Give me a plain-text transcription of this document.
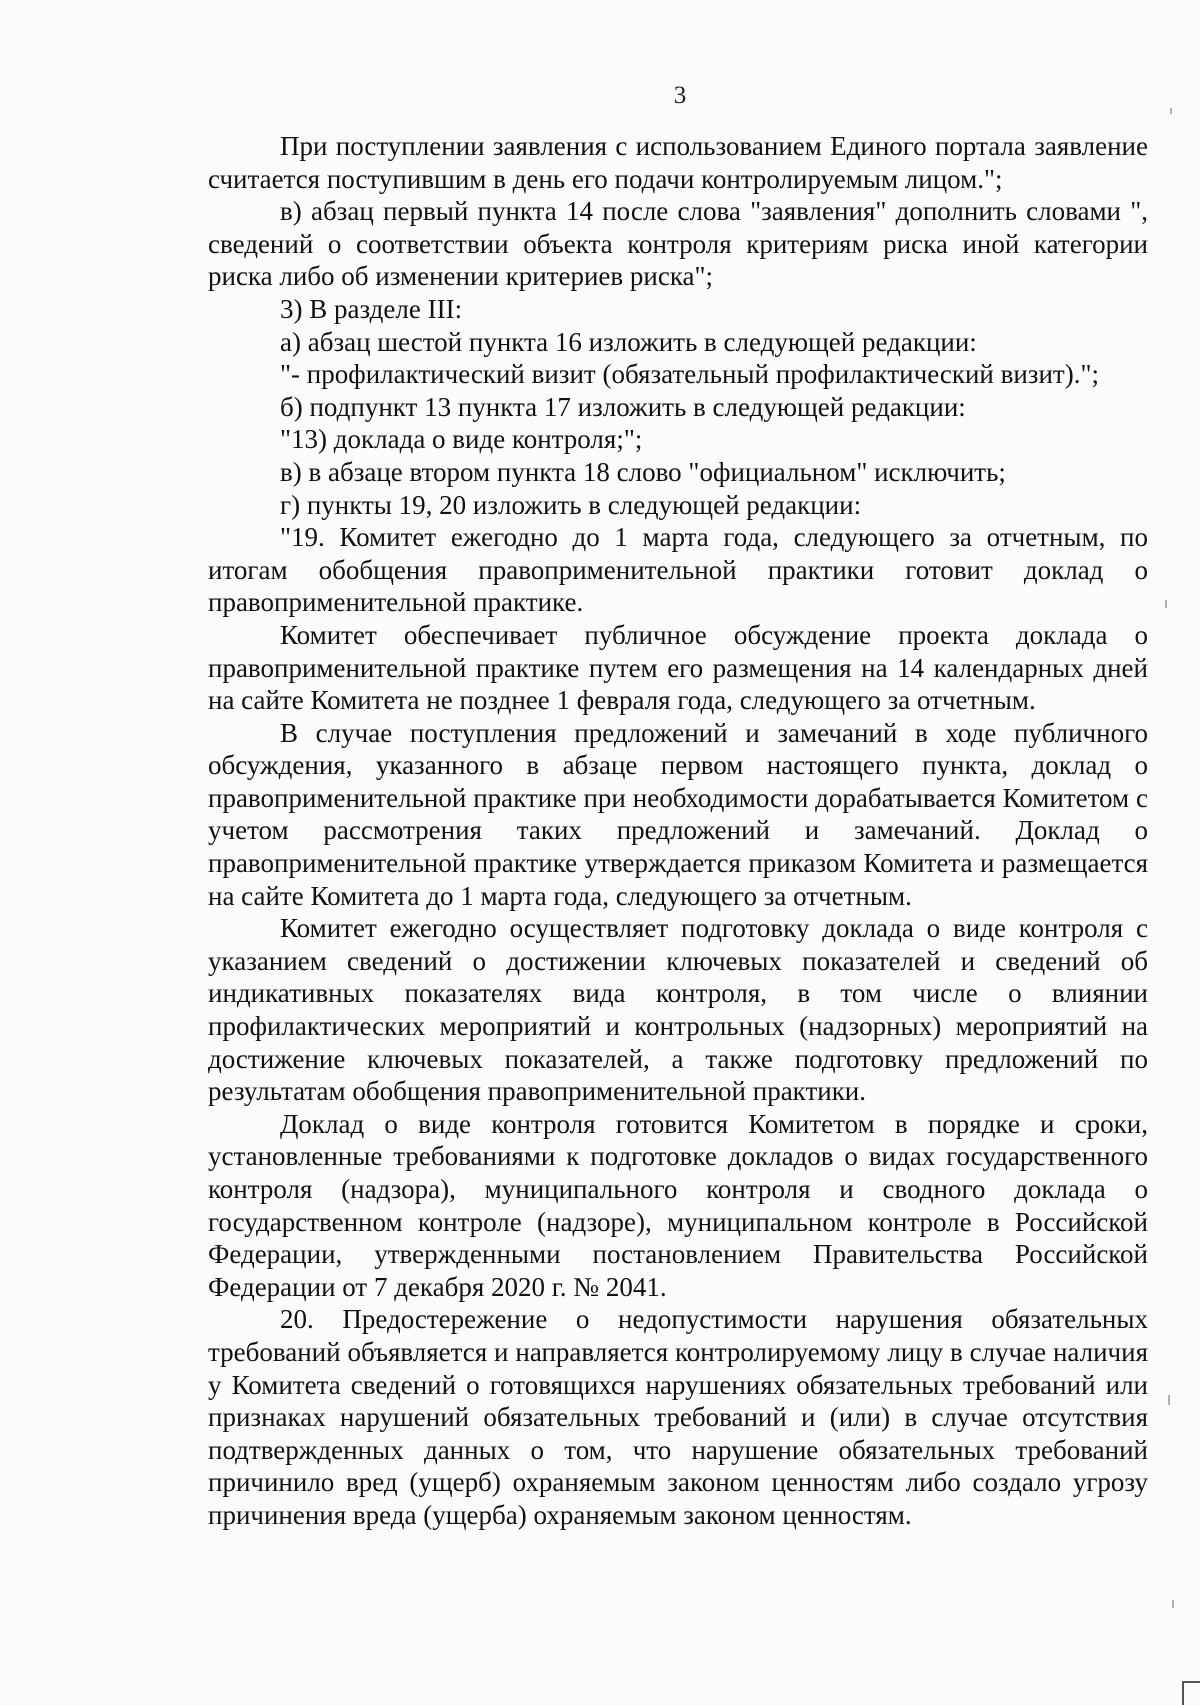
3

При поступлении заявления с использованием Единого портала заявление считается поступившим в день его подачи контролируемым лицом.";

в) абзац первый пункта 14 после слова "заявления" дополнить словами ", сведений о соответствии объекта контроля критериям риска иной категории риска либо об изменении критериев риска";

3) В разделе III:

а) абзац шестой пункта 16 изложить в следующей редакции:

"- профилактический визит (обязательный профилактический визит).";

б) подпункт 13 пункта 17 изложить в следующей редакции:

"13) доклада о виде контроля;";

в) в абзаце втором пункта 18 слово "официальном" исключить;

г) пункты 19, 20 изложить в следующей редакции:

"19. Комитет ежегодно до 1 марта года, следующего за отчетным, по итогам обобщения правоприменительной практики готовит доклад о правоприменительной практике.

Комитет обеспечивает публичное обсуждение проекта доклада о правоприменительной практике путем его размещения на 14 календарных дней на сайте Комитета не позднее 1 февраля года, следующего за отчетным.

В случае поступления предложений и замечаний в ходе публичного обсуждения, указанного в абзаце первом настоящего пункта, доклад о правоприменительной практике при необходимости дорабатывается Комитетом с учетом рассмотрения таких предложений и замечаний. Доклад о правоприменительной практике утверждается приказом Комитета и размещается на сайте Комитета до 1 марта года, следующего за отчетным.

Комитет ежегодно осуществляет подготовку доклада о виде контроля с указанием сведений о достижении ключевых показателей и сведений об индикативных показателях вида контроля, в том числе о влиянии профилактических мероприятий и контрольных (надзорных) мероприятий на достижение ключевых показателей, а также подготовку предложений по результатам обобщения правоприменительной практики.

Доклад о виде контроля готовится Комитетом в порядке и сроки, установленные требованиями к подготовке докладов о видах государственного контроля (надзора), муниципального контроля и сводного доклада о государственном контроле (надзоре), муниципальном контроле в Российской Федерации, утвержденными постановлением Правительства Российской Федерации от 7 декабря 2020 г. № 2041.

20. Предостережение о недопустимости нарушения обязательных требований объявляется и направляется контролируемому лицу в случае наличия у Комитета сведений о готовящихся нарушениях обязательных требований или признаках нарушений обязательных требований и (или) в случае отсутствия подтвержденных данных о том, что нарушение обязательных требований причинило вред (ущерб) охраняемым законом ценностям либо создало угрозу причинения вреда (ущерба) охраняемым законом ценностям.
